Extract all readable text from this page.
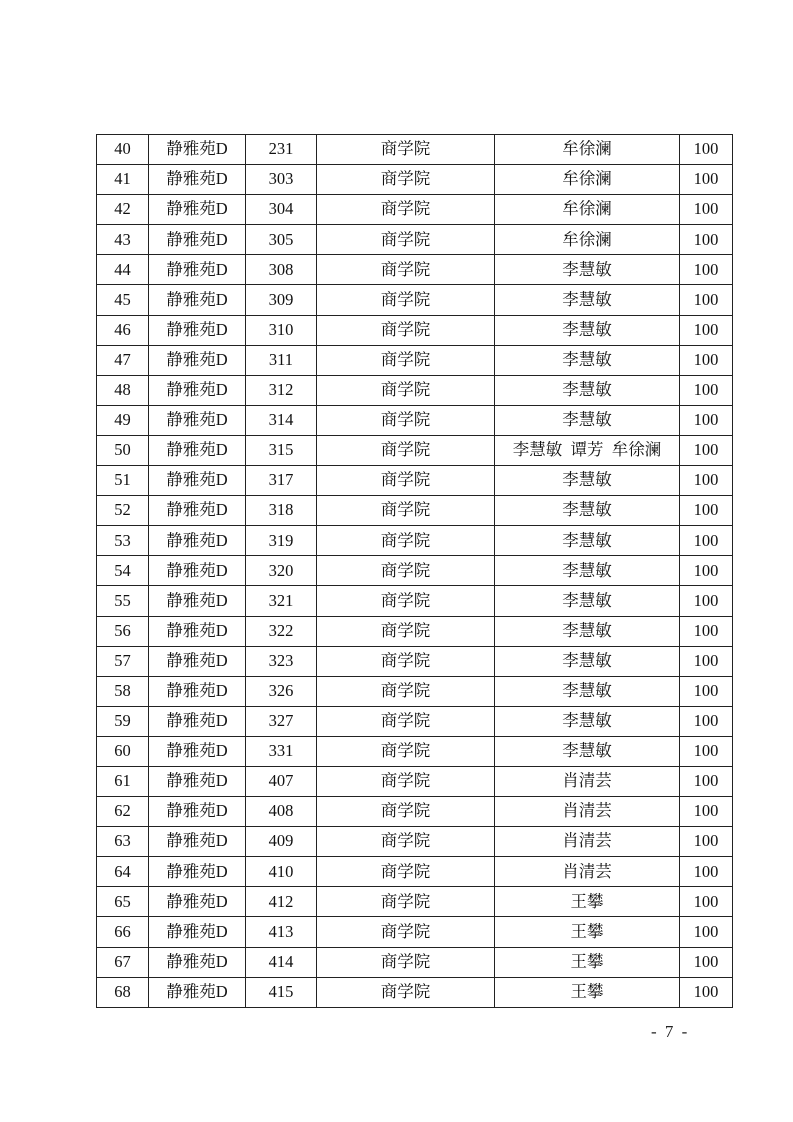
40	静雅苑D	231	商学院	牟徐澜	100
41	静雅苑D	303	商学院	牟徐澜	100
42	静雅苑D	304	商学院	牟徐澜	100
43	静雅苑D	305	商学院	牟徐澜	100
44	静雅苑D	308	商学院	李慧敏	100
45	静雅苑D	309	商学院	李慧敏	100
46	静雅苑D	310	商学院	李慧敏	100
47	静雅苑D	311	商学院	李慧敏	100
48	静雅苑D	312	商学院	李慧敏	100
49	静雅苑D	314	商学院	李慧敏	100
50	静雅苑D	315	商学院	李慧敏  谭芳  牟徐澜	100
51	静雅苑D	317	商学院	李慧敏	100
52	静雅苑D	318	商学院	李慧敏	100
53	静雅苑D	319	商学院	李慧敏	100
54	静雅苑D	320	商学院	李慧敏	100
55	静雅苑D	321	商学院	李慧敏	100
56	静雅苑D	322	商学院	李慧敏	100
57	静雅苑D	323	商学院	李慧敏	100
58	静雅苑D	326	商学院	李慧敏	100
59	静雅苑D	327	商学院	李慧敏	100
60	静雅苑D	331	商学院	李慧敏	100
61	静雅苑D	407	商学院	肖清芸	100
62	静雅苑D	408	商学院	肖清芸	100
63	静雅苑D	409	商学院	肖清芸	100
64	静雅苑D	410	商学院	肖清芸	100
65	静雅苑D	412	商学院	王攀	100
66	静雅苑D	413	商学院	王攀	100
67	静雅苑D	414	商学院	王攀	100
68	静雅苑D	415	商学院	王攀	100
- 7 -
